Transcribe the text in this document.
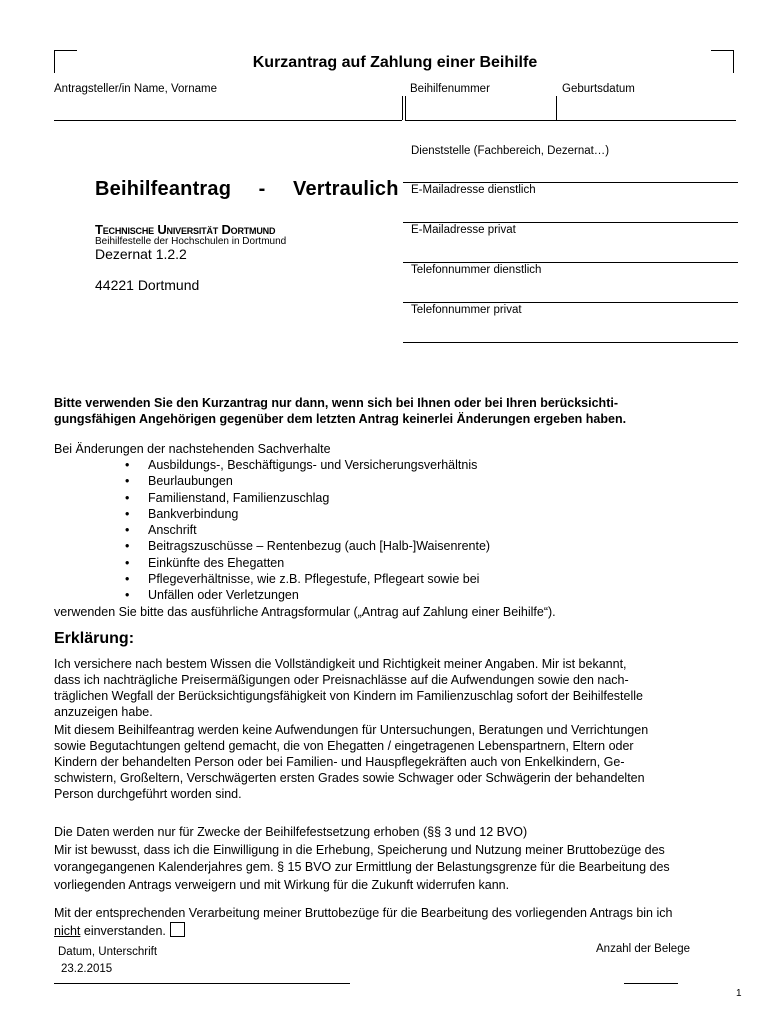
Kurzantrag auf Zahlung einer Beihilfe
Antragsteller/in Name, Vorname	Beihilfenummer	Geburtsdatum
Dienststelle (Fachbereich, Dezernat…)
E-Mailadresse dienstlich
E-Mailadresse privat
Telefonnummer dienstlich
Telefonnummer privat
Beihilfeantrag  -  Vertraulich
Technische Universität Dortmund
Beihilfestelle der Hochschulen in Dortmund
Dezernat 1.2.2
44221 Dortmund
Bitte verwenden Sie den Kurzantrag nur dann, wenn sich bei Ihnen oder bei Ihren berücksichti-
gungsfähigen Angehörigen gegenüber dem letzten Antrag keinerlei Änderungen ergeben haben.
Bei Änderungen der nachstehenden Sachverhalte
• Ausbildungs-, Beschäftigungs- und Versicherungsverhältnis
• Beurlaubungen
• Familienstand, Familienzuschlag
• Bankverbindung
• Anschrift
• Beitragszuschüsse – Rentenbezug (auch [Halb-]Waisenrente)
• Einkünfte des Ehegatten
• Pflegeverhältnisse, wie z.B. Pflegestufe, Pflegeart sowie bei
• Unfällen oder Verletzungen
verwenden Sie bitte das ausführliche Antragsformular („Antrag auf Zahlung einer Beihilfe“).
Erklärung:
Ich versichere nach bestem Wissen die Vollständigkeit und Richtigkeit meiner Angaben. Mir ist bekannt,
dass ich nachträgliche Preisermäßigungen oder Preisnachlässe auf die Aufwendungen sowie den nach-
träglichen Wegfall der Berücksichtigungsfähigkeit von Kindern im Familienzuschlag sofort der Beihilfestelle
anzuzeigen habe.
Mit diesem Beihilfeantrag werden keine Aufwendungen für Untersuchungen, Beratungen und Verrichtungen
sowie Begutachtungen geltend gemacht, die von Ehegatten / eingetragenen Lebenspartnern, Eltern oder
Kindern der behandelten Person oder bei Familien- und Hauspflegekräften auch von Enkelkindern, Ge-
schwistern, Großeltern, Verschwägerten ersten Grades sowie Schwager oder Schwägerin der behandelten
Person durchgeführt worden sind.
Die Daten werden nur für Zwecke der Beihilfefestsetzung erhoben (§§ 3 und 12 BVO)
Mir ist bewusst, dass ich die Einwilligung in die Erhebung, Speicherung und Nutzung meiner Bruttobezüge des
vorangegangenen Kalenderjahres gem. § 15 BVO zur Ermittlung der Belastungsgrenze für die Bearbeitung des
vorliegenden Antrags verweigern und mit Wirkung für die Zukunft widerrufen kann.
Mit der entsprechenden Verarbeitung meiner Bruttobezüge für die Bearbeitung des vorliegenden Antrags bin ich
nicht einverstanden.
Datum, Unterschrift
23.2.2015
Anzahl der Belege
1
